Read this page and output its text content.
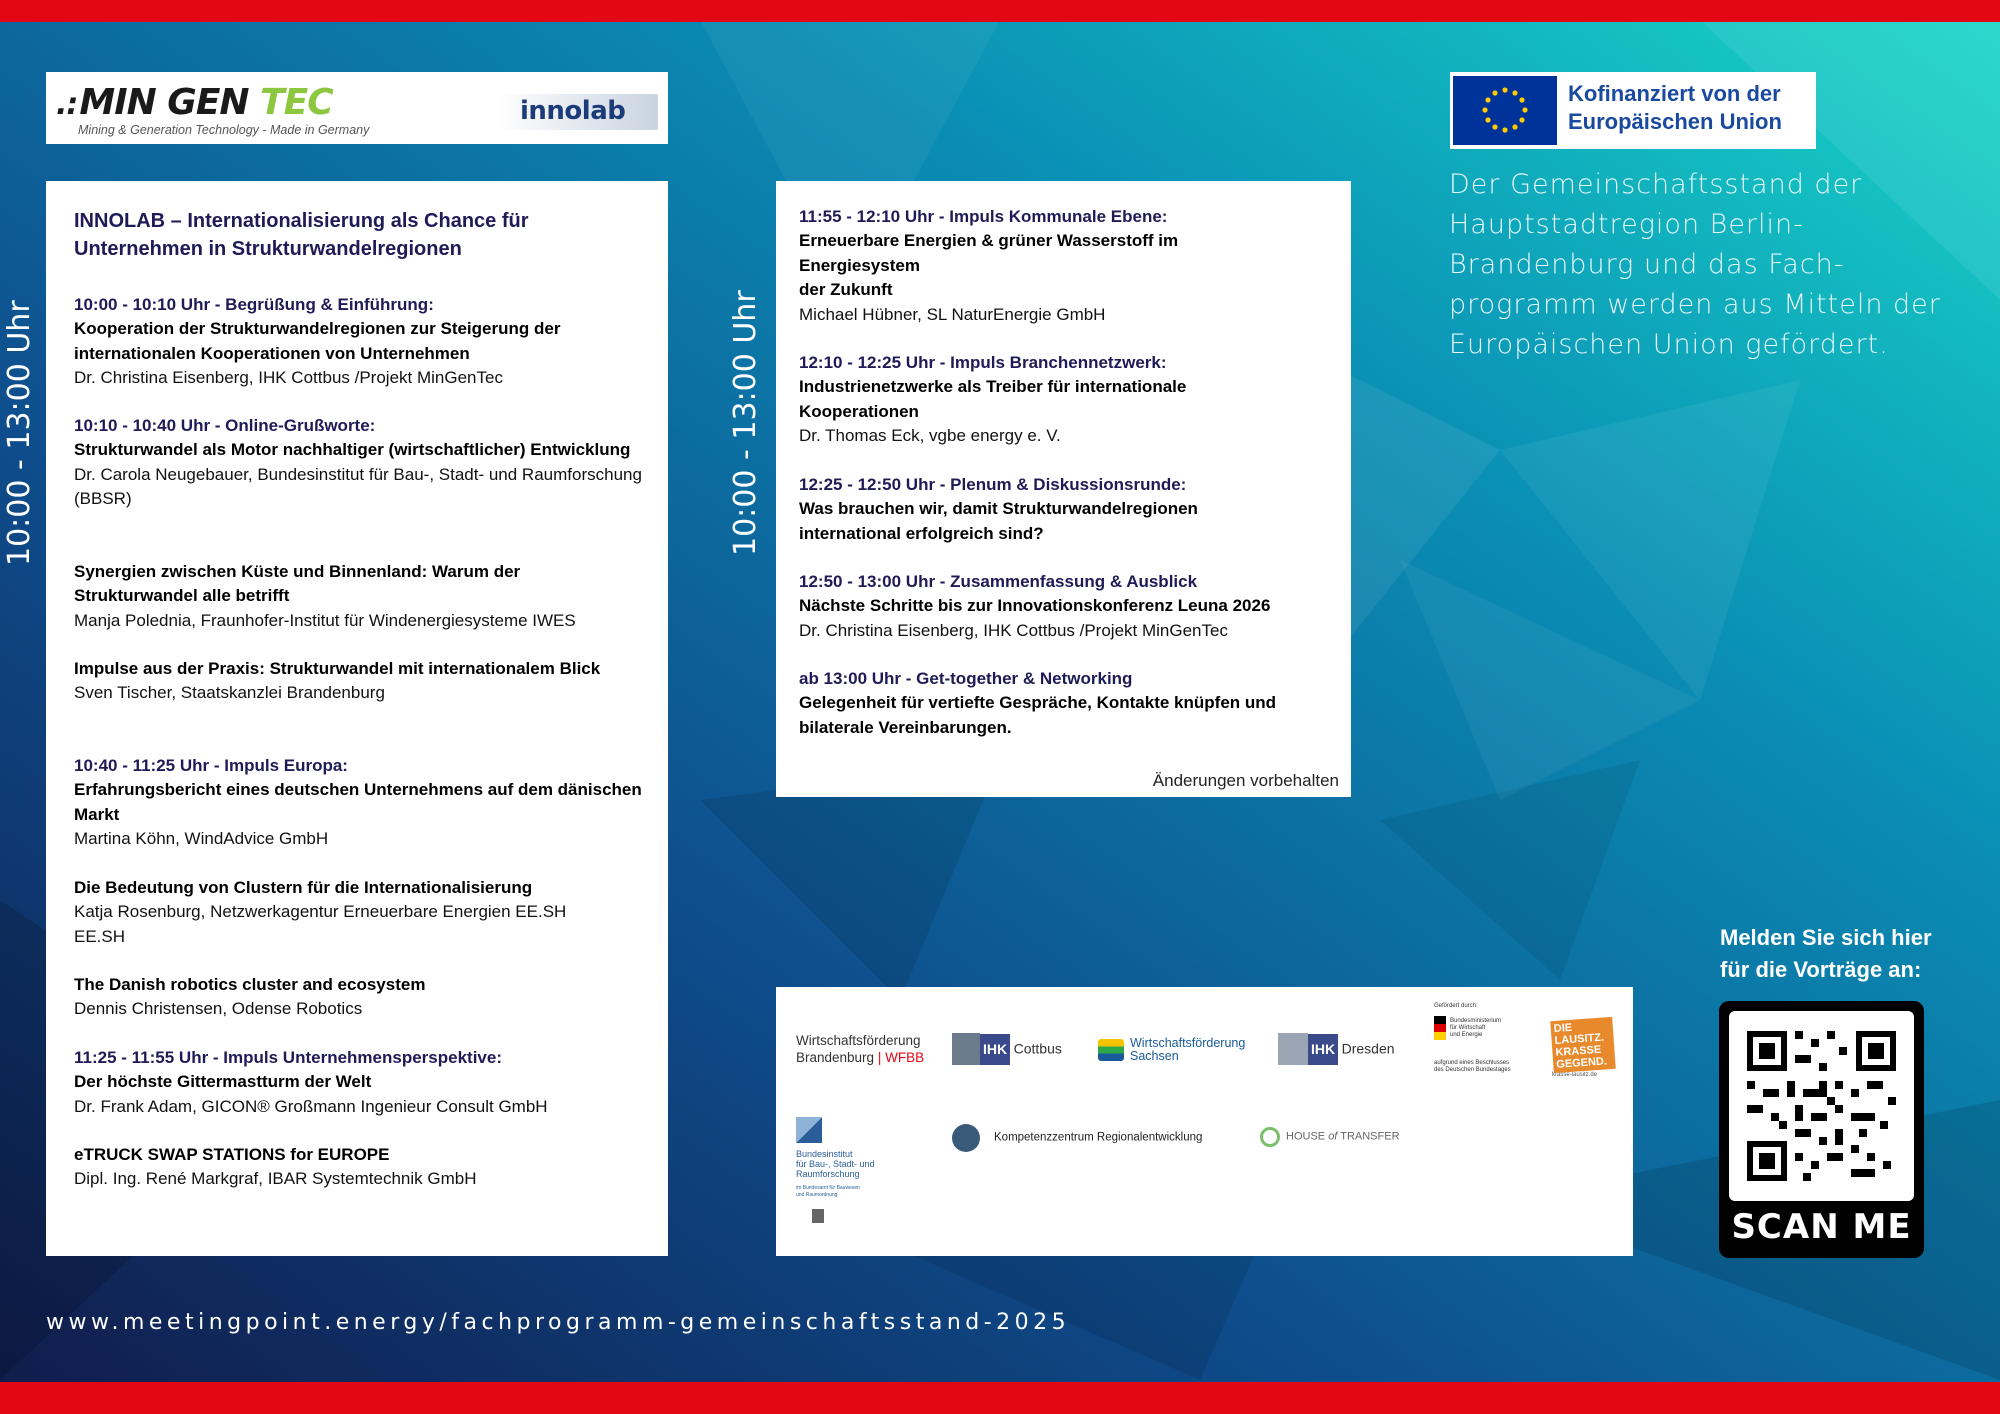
.:MIN GEN TEC
Mining & Generation Technology - Made in Germany
innolab
10:00 - 13:00 Uhr	10:00 - 13:00 Uhr
INNOLAB – Internationalisierung als Chance für Unternehmen in Strukturwandelregionen
10:00 - 10:10 Uhr - Begrüßung & Einführung:
Kooperation der Strukturwandelregionen zur Steigerung der internationalen Kooperationen von Unternehmen
Dr. Christina Eisenberg, IHK Cottbus /Projekt MinGenTec
10:10 - 10:40 Uhr - Online-Grußworte:
Strukturwandel als Motor nachhaltiger (wirtschaftlicher) Entwicklung
Dr. Carola Neugebauer, Bundesinstitut für Bau-, Stadt- und Raumforschung (BBSR)
Synergien zwischen Küste und Binnenland: Warum der Strukturwandel alle betrifft
Manja Polednia, Fraunhofer-Institut für Windenergiesysteme IWES
Impulse aus der Praxis: Strukturwandel mit internationalem Blick
Sven Tischer, Staatskanzlei Brandenburg
10:40 - 11:25 Uhr - Impuls Europa:
Erfahrungsbericht eines deutschen Unternehmens auf dem dänischen Markt
Martina Köhn, WindAdvice GmbH
Die Bedeutung von Clustern für die Internationalisierung
Katja Rosenburg, Netzwerkagentur Erneuerbare Energien EE.SH EE.SH
The Danish robotics cluster and ecosystem
Dennis Christensen, Odense Robotics
11:25 - 11:55 Uhr - Impuls Unternehmensperspektive:
Der höchste Gittermastturm der Welt
Dr. Frank Adam, GICON® Großmann Ingenieur Consult GmbH
eTRUCK SWAP STATIONS for EUROPE
Dipl. Ing. René Markgraf, IBAR Systemtechnik GmbH
11:55 - 12:10 Uhr - Impuls Kommunale Ebene:
Erneuerbare Energien & grüner Wasserstoff im Energiesystem
der Zukunft
Michael Hübner, SL NaturEnergie GmbH
12:10 - 12:25 Uhr - Impuls Branchennetzwerk:
Industrienetzwerke als Treiber für internationale Kooperationen
Dr. Thomas Eck, vgbe energy e. V.
12:25 - 12:50 Uhr - Plenum & Diskussionsrunde:
Was brauchen wir, damit Strukturwandelregionen international erfolgreich sind?
12:50 - 13:00 Uhr - Zusammenfassung & Ausblick
Nächste Schritte bis zur Innovationskonferenz Leuna 2026
Dr. Christina Eisenberg, IHK Cottbus /Projekt MinGenTec
ab 13:00 Uhr - Get-together & Networking
Gelegenheit für vertiefte Gespräche, Kontakte knüpfen und bilaterale Vereinbarungen.
Änderungen vorbehalten
Wirtschaftsförderung
Brandenburg | WFBB
IHK Cottbus	Wirtschaftsförderung
Sachsen	IHK Dresden
Gefördert durch:
Bundesministerium
für Wirtschaft
und Energie
aufgrund eines Beschlusses
des Deutschen Bundestages
DIE
LAUSITZ.
KRASSE
GEGEND.
krasse-lausitz.de
Bundesinstitut
für Bau-, Stadt- und
Raumforschung
im Bundesamt für Bauwesen
und Raumordnung
Kompetenzzentrum Regionalentwicklung	HOUSE of TRANSFER
Kofinanziert von der
Europäischen Union
Der Gemeinschaftsstand der Hauptstadtregion Berlin-Brandenburg und das Fach-programm werden aus Mitteln der Europäischen Union gefördert.
Melden Sie sich hier
für die Vorträge an:
SCAN ME
www.meetingpoint.energy/fachprogramm-gemeinschaftsstand-2025
